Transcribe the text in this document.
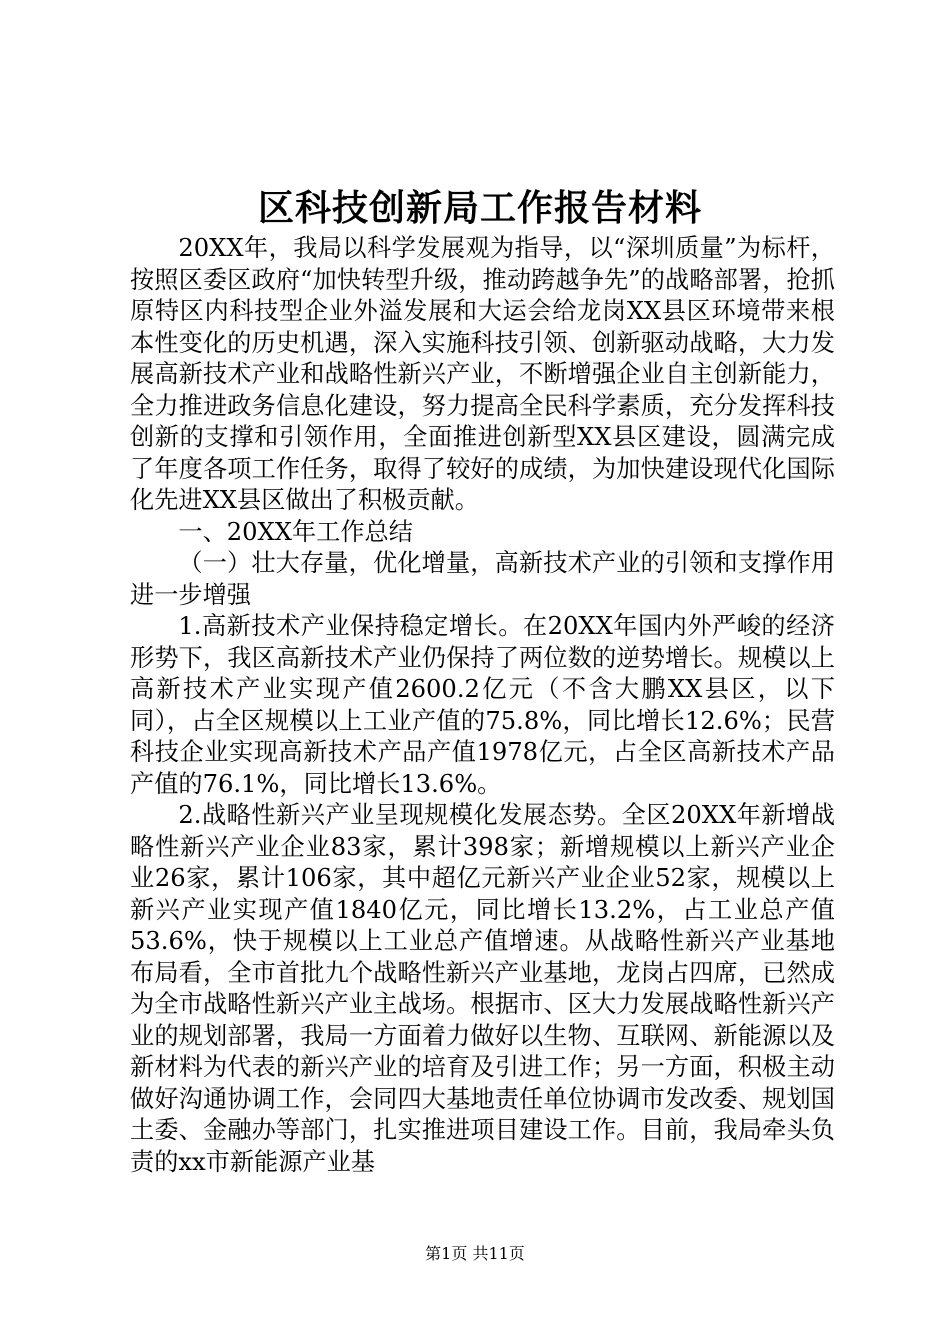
区科技创新局工作报告材料

20XX年，我局以科学发展观为指导，以“深圳质量”为标杆，按照区委区政府“加快转型升级，推动跨越争先”的战略部署，抢抓原特区内科技型企业外溢发展和大运会给龙岗XX县区环境带来根本性变化的历史机遇，深入实施科技引领、创新驱动战略，大力发展高新技术产业和战略性新兴产业，不断增强企业自主创新能力，全力推进政务信息化建设，努力提高全民科学素质，充分发挥科技创新的支撑和引领作用，全面推进创新型XX县区建设，圆满完成了年度各项工作任务，取得了较好的成绩，为加快建设现代化国际化先进XX县区做出了积极贡献。

一、20XX年工作总结

（一）壮大存量，优化增量，高新技术产业的引领和支撑作用进一步增强

1.高新技术产业保持稳定增长。在20XX年国内外严峻的经济形势下，我区高新技术产业仍保持了两位数的逆势增长。规模以上高新技术产业实现产值2600.2亿元（不含大鹏XX县区，以下同），占全区规模以上工业产值的75.8%，同比增长12.6%；民营科技企业实现高新技术产品产值1978亿元，占全区高新技术产品产值的76.1%，同比增长13.6%。

2.战略性新兴产业呈现规模化发展态势。全区20XX年新增战略性新兴产业企业83家，累计398家；新增规模以上新兴产业企业26家，累计106家，其中超亿元新兴产业企业52家，规模以上新兴产业实现产值1840亿元，同比增长13.2%，占工业总产值53.6%，快于规模以上工业总产值增速。从战略性新兴产业基地布局看，全市首批九个战略性新兴产业基地，龙岗占四席，已然成为全市战略性新兴产业主战场。根据市、区大力发展战略性新兴产业的规划部署，我局一方面着力做好以生物、互联网、新能源以及新材料为代表的新兴产业的培育及引进工作；另一方面，积极主动做好沟通协调工作，会同四大基地责任单位协调市发改委、规划国土委、金融办等部门，扎实推进项目建设工作。目前，我局牵头负责的xx市新能源产业基

第1页 共11页
